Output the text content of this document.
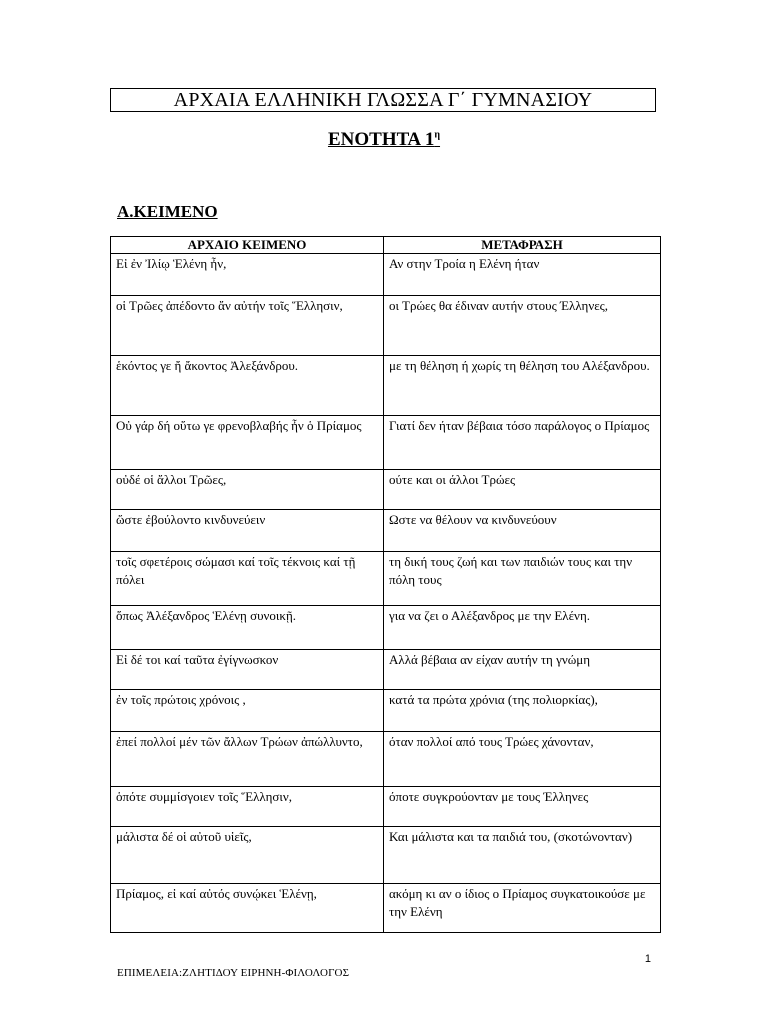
ΑΡΧΑΙΑ ΕΛΛΗΝΙΚΗ ΓΛΩΣΣΑ Γ΄ ΓΥΜΝΑΣΙΟΥ
ΕΝΟΤΗΤΑ $1^\eta$
Α.ΚΕΙΜΕΝΟ
ΑΡΧΑΙΟ ΚΕΙΜΕΝΟ	ΜΕΤΑΦΡΑΣΗ
Εἰ ἐν Ἰλίῳ Ἑλένη ἦν,	Αν στην Τροία η Ελένη ήταν
οἱ Τρῶες ἀπέδοντο ἄν αὐτήν τοῖς Ἕλλησιν,	οι Τρώες θα έδιναν αυτήν στους Έλληνες,
ἑκόντος γε ἤ ἄκοντος Ἀλεξάνδρου.	με τη θέληση ή χωρίς τη θέληση του Αλέξανδρου.
Οὐ γάρ δή οὕτω γε φρενοβλαβής ἦν ὁ Πρίαμος	Γιατί δεν ήταν βέβαια τόσο παράλογος ο Πρίαμος
οὐδέ οἱ ἄλλοι Τρῶες,	ούτε και οι άλλοι Τρώες
ὥστε ἐβούλοντο κινδυνεύειν	Ωστε να θέλουν να κινδυνεύουν
τοῖς σφετέροις σώμασι καί τοῖς τέκνοις καί τῇ πόλει	τη δική τους ζωή και των παιδιών τους και την πόλη τους
ὅπως Ἀλέξανδρος Ἑλένῃ συνοικῇ.	για να ζει ο Αλέξανδρος με την Ελένη.
Εἰ δέ τοι καί ταῦτα ἐγίγνωσκον	Αλλά βέβαια αν είχαν αυτήν τη γνώμη
ἐν τοῖς πρώτοις χρόνοις ,	κατά τα πρώτα χρόνια (της πολιορκίας),
ἐπεί πολλοί μέν τῶν ἄλλων Τρώων ἀπώλλυντο,	όταν πολλοί από τους Τρώες χάνονταν,
ὁπότε συμμίσγοιεν τοῖς Ἕλλησιν,	όποτε συγκρούονταν με τους Έλληνες
μάλιστα δέ οἱ αὐτοῦ υἱεῖς,	Και μάλιστα και τα παιδιά του, (σκοτώνονταν)
Πρίαμος, εἰ καί αὐτός συνῴκει Ἑλένῃ,	ακόμη κι αν ο ίδιος ο Πρίαμος συγκατοικούσε με την Ελένη
1
ΕΠΙΜΕΛΕΙΑ:ΖΛΗΤΙΔΟΥ ΕΙΡΗΝΗ-ΦΙΛΟΛΟΓΟΣ
